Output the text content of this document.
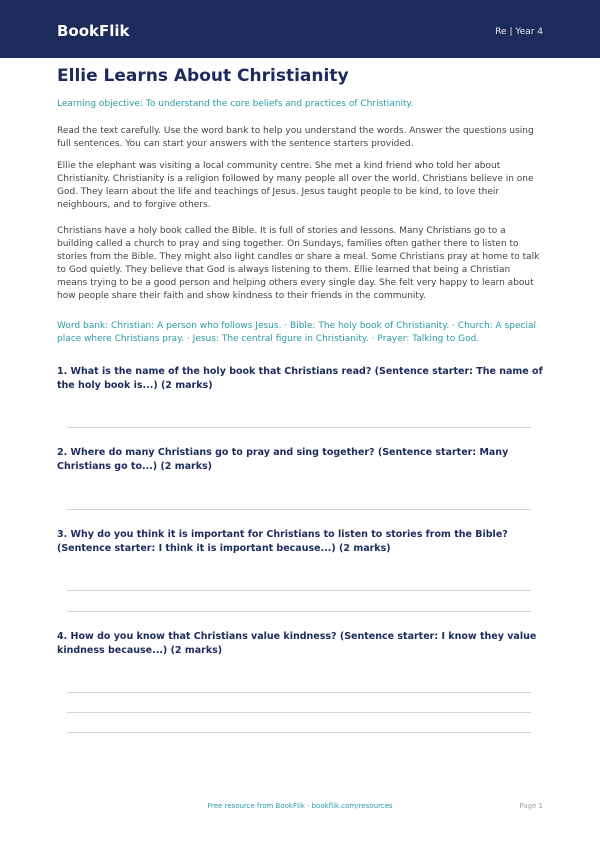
BookFlik	Re | Year 4
Ellie Learns About Christianity
Learning objective: To understand the core beliefs and practices of Christianity.

Read the text carefully. Use the word bank to help you understand the words. Answer the questions using full sentences. You can start your answers with the sentence starters provided.

Ellie the elephant was visiting a local community centre. She met a kind friend who told her about Christianity. Christianity is a religion followed by many people all over the world. Christians believe in one God. They learn about the life and teachings of Jesus. Jesus taught people to be kind, to love their neighbours, and to forgive others.

Christians have a holy book called the Bible. It is full of stories and lessons. Many Christians go to a building called a church to pray and sing together. On Sundays, families often gather there to listen to stories from the Bible. They might also light candles or share a meal. Some Christians pray at home to talk to God quietly. They believe that God is always listening to them. Ellie learned that being a Christian means trying to be a good person and helping others every single day. She felt very happy to learn about how people share their faith and show kindness to their friends in the community.

Word bank: Christian: A person who follows Jesus. · Bible: The holy book of Christianity. · Church: A special place where Christians pray. · Jesus: The central figure in Christianity. · Prayer: Talking to God.

1. What is the name of the holy book that Christians read? (Sentence starter: The name of the holy book is...) (2 marks)

2. Where do many Christians go to pray and sing together? (Sentence starter: Many Christians go to...) (2 marks)

3. Why do you think it is important for Christians to listen to stories from the Bible? (Sentence starter: I think it is important because...) (2 marks)

4. How do you know that Christians value kindness? (Sentence starter: I know they value kindness because...) (2 marks)

Free resource from BookFlik · bookflik.com/resources	Page 1
